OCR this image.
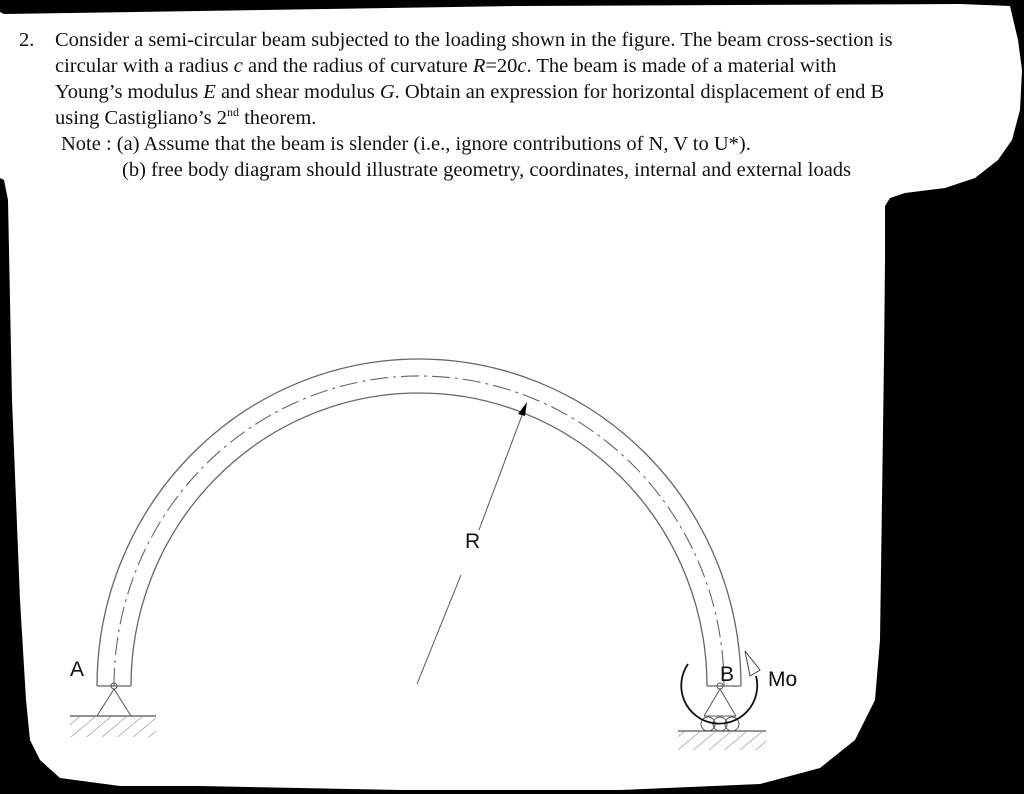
2. Consider a semi-circular beam subjected to the loading shown in the figure. The beam cross-section is
circular with a radius c and the radius of curvature R=20c. The beam is made of a material with
Young’s modulus E and shear modulus G. Obtain an expression for horizontal displacement of end B
using Castigliano’s 2nd theorem.
Note : (a) Assume that the beam is slender (i.e., ignore contributions of N, V to U*).
(b) free body diagram should illustrate geometry, coordinates, internal and external loads
R
A	B Mo
